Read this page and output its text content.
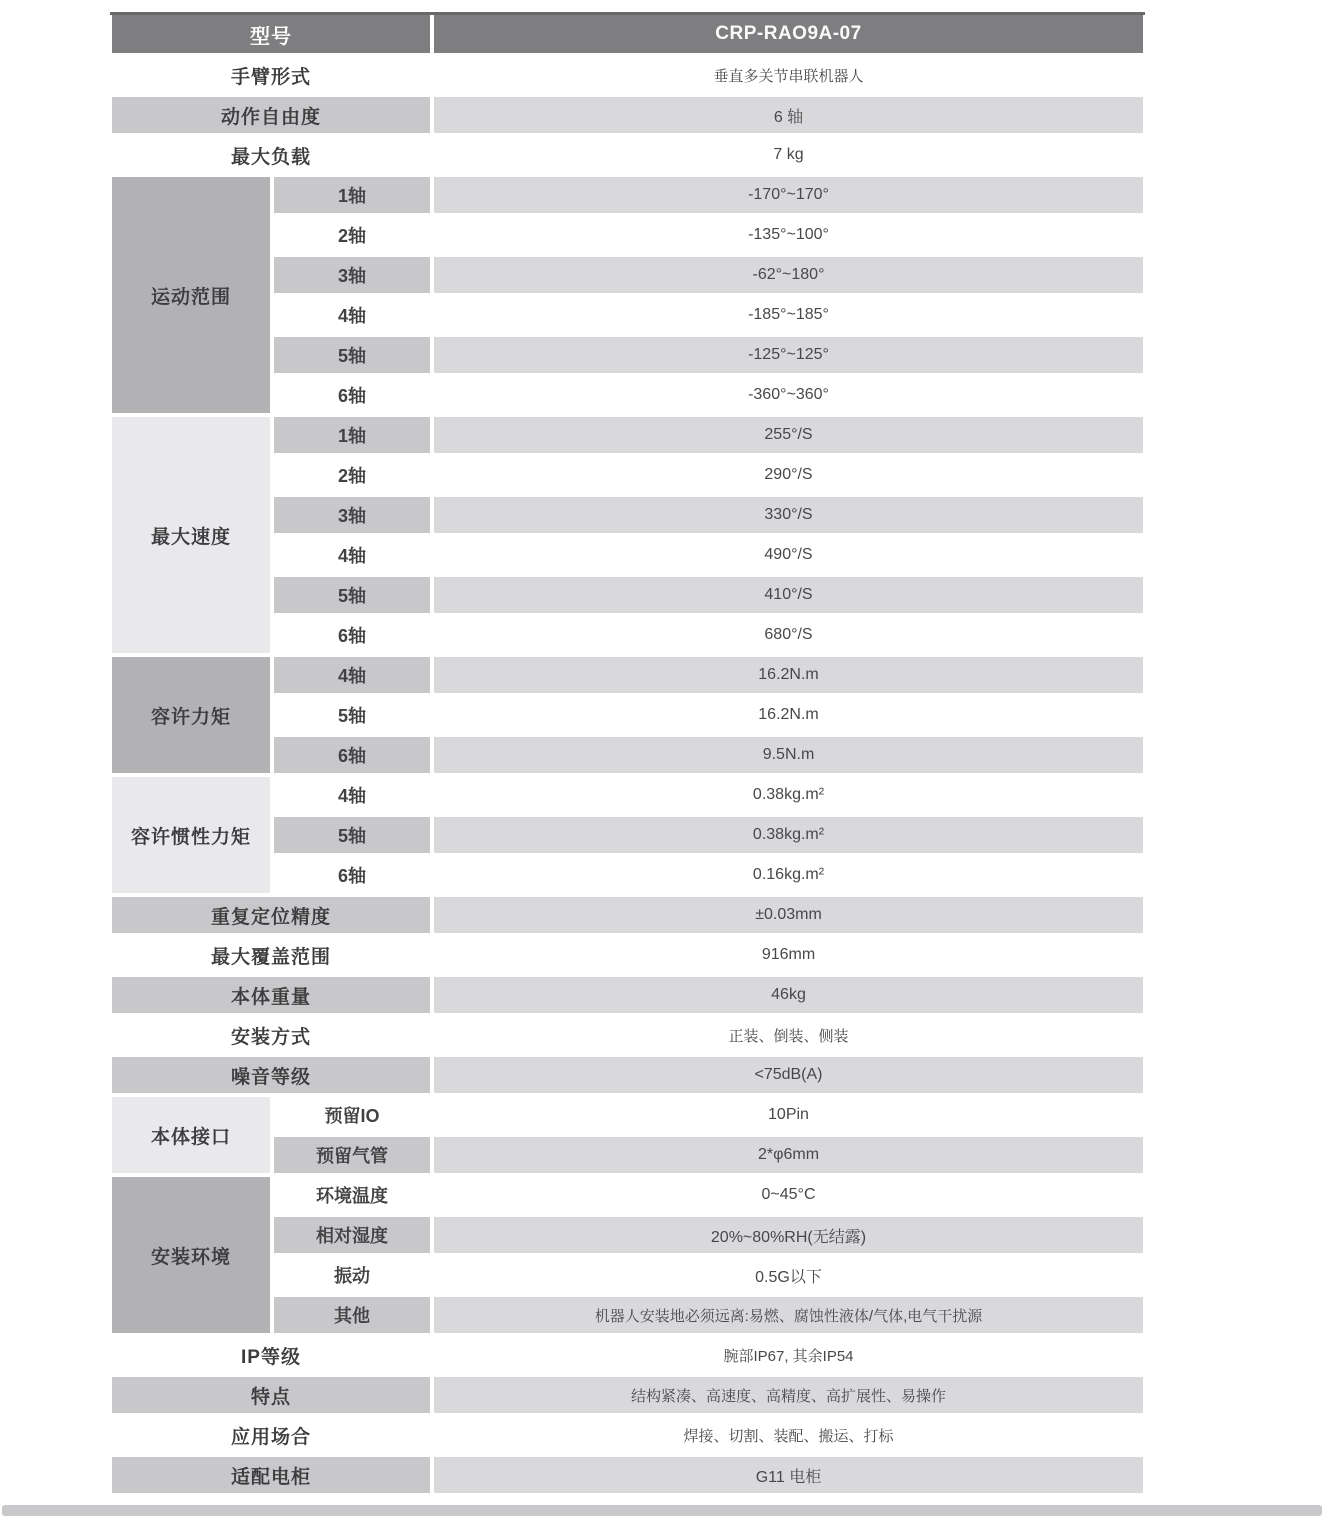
型号	CRP-RAO9A-07
手臂形式	垂直多关节串联机器人
动作自由度	6 轴
最大负载	7 kg
运动范围
1轴	-170°~170°
2轴	-135°~100°
3轴	-62°~180°
4轴	-185°~185°
5轴	-125°~125°
6轴	-360°~360°
最大速度
1轴	255°/S
2轴	290°/S
3轴	330°/S
4轴	490°/S
5轴	410°/S
6轴	680°/S
容许力矩
4轴	16.2N.m
5轴	16.2N.m
6轴	9.5N.m
容许惯性力矩
4轴	0.38kg.m²
5轴	0.38kg.m²
6轴	0.16kg.m²
重复定位精度	±0.03mm
最大覆盖范围	916mm
本体重量	46kg
安装方式	正装、倒装、侧装
噪音等级	<75dB(A)
本体接口
预留IO	10Pin
预留气管	2*φ6mm
安装环境
环境温度	0~45°C
相对湿度	20%~80%RH(无结露)
振动	0.5G以下
其他	机器人安装地必须远离:易燃、腐蚀性液体/气体,电气干扰源
IP等级	腕部IP67, 其余IP54
特点	结构紧凑、高速度、高精度、高扩展性、易操作
应用场合	焊接、切割、装配、搬运、打标
适配电柜	G11 电柜
